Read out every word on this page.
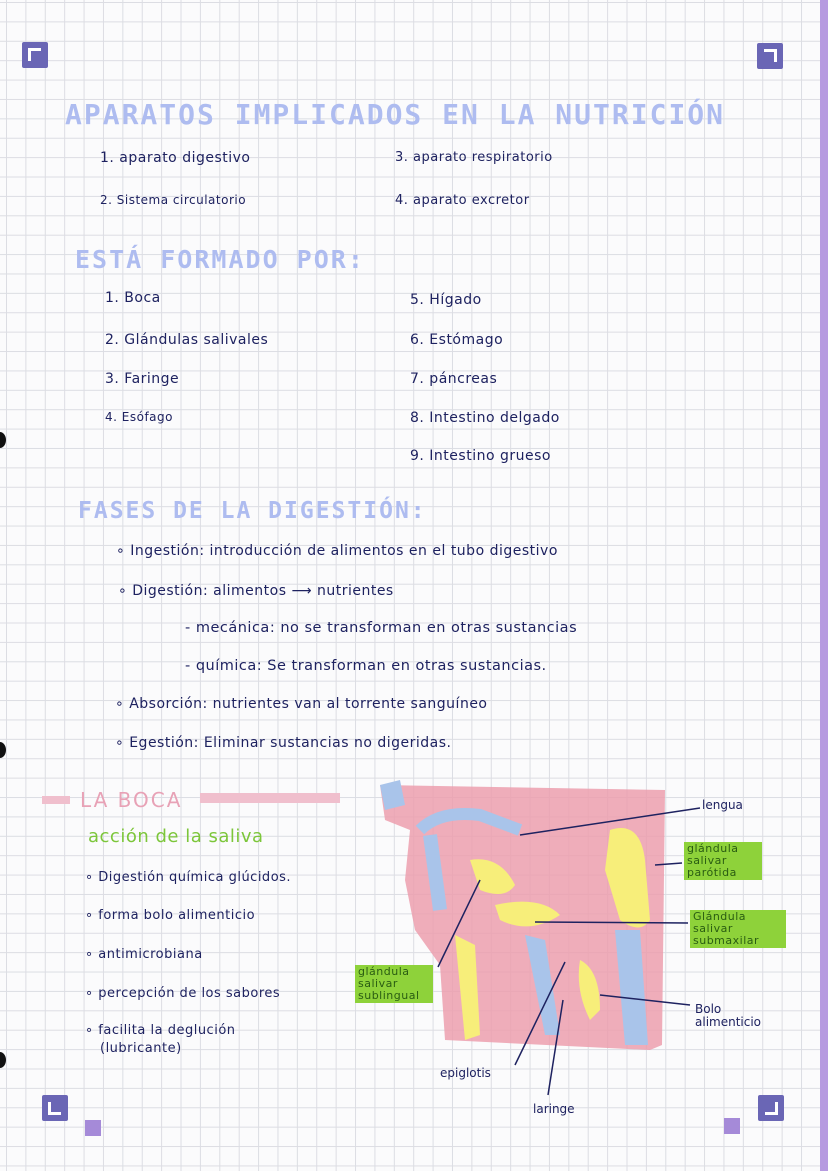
APARATOS IMPLICADOS EN LA NUTRICIÓN
1. aparato digestivo
2. Sistema circulatorio
3. aparato respiratorio
4. aparato excretor
ESTÁ FORMADO POR:
1. Boca
2. Glándulas salivales
3. Faringe
4. Esófago
5. Hígado
6. Estómago
7. páncreas
8. Intestino delgado
9. Intestino grueso
FASES DE LA DIGESTIÓN:
∘ Ingestión: introducción de alimentos en el tubo digestivo
∘ Digestión: alimentos ⟶ nutrientes
- mecánica: no se transforman en otras sustancias
- química: Se transforman en otras sustancias.
∘ Absorción: nutrientes van al torrente sanguíneo
∘ Egestión: Eliminar sustancias no digeridas.
LA BOCA
acción de la saliva
∘ Digestión química glúcidos.
∘ forma bolo alimenticio
∘ antimicrobiana
∘ percepción de los sabores
∘ facilita la deglución
(lubricante)
lengua
glándula salivar parótida
Glándula salivar submaxilar
glándula salivar sublingual
Bolo alimenticio
epiglotis
laringe
